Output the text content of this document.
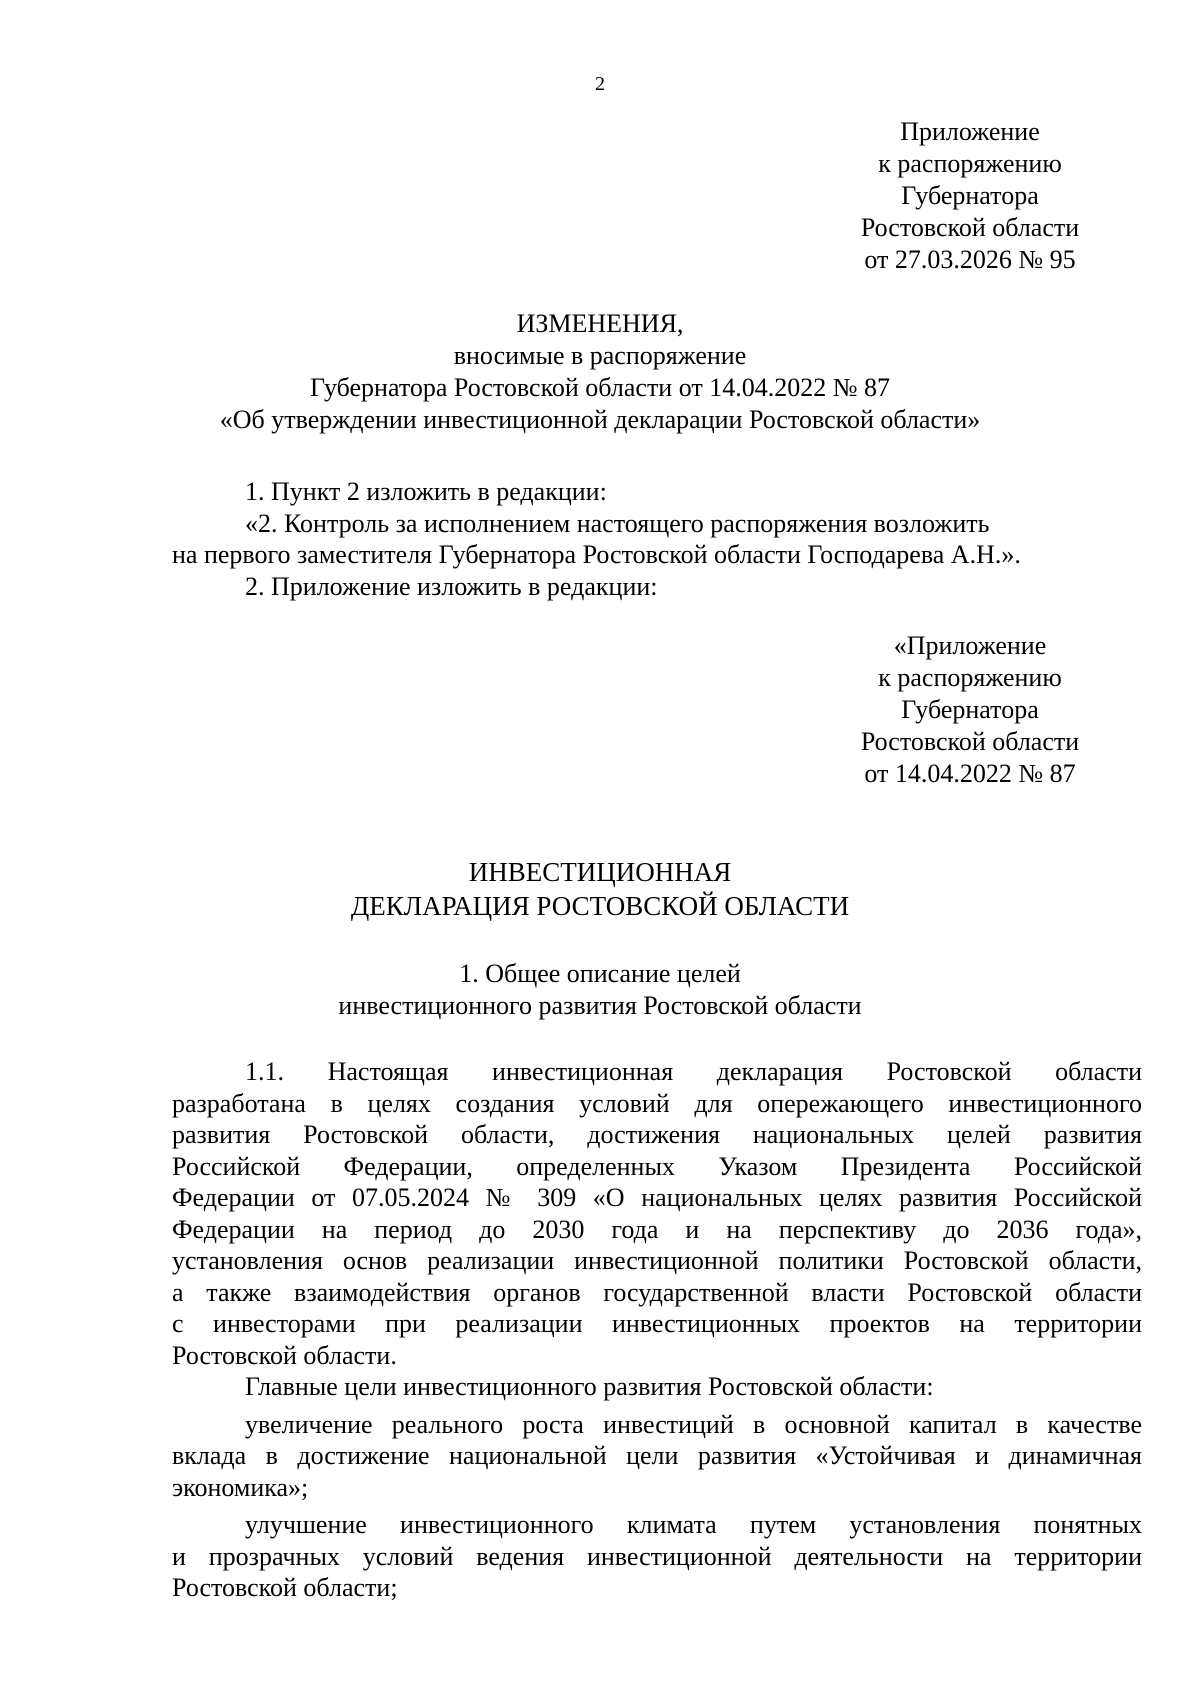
2
Приложение
к распоряжению
Губернатора
Ростовской области
от 27.03.2026 № 95
ИЗМЕНЕНИЯ,
вносимые в распоряжение
Губернатора Ростовской области от 14.04.2022 № 87
«Об утверждении инвестиционной декларации Ростовской области»

1. Пункт 2 изложить в редакции:

«2. Контроль за исполнением настоящего распоряжения возложить

на первого заместителя Губернатора Ростовской области Господарева А.Н.».

2. Приложение изложить в редакции:

«Приложение
к распоряжению
Губернатора
Ростовской области
от 14.04.2022 № 87
ИНВЕСТИЦИОННАЯ
ДЕКЛАРАЦИЯ РОСТОВСКОЙ ОБЛАСТИ
1. Общее описание целей
инвестиционного развития Ростовской области
1.1. Настоящая инвестиционная декларация Ростовской области
разработана в целях создания условий для опережающего инвестиционного
развития Ростовской области, достижения национальных целей развития
Российской Федерации, определенных Указом Президента Российской
Федерации от 07.05.2024 № 309 «О национальных целях развития Российской
Федерации на период до 2030 года и на перспективу до 2036 года»,
установления основ реализации инвестиционной политики Ростовской области,
а также взаимодействия органов государственной власти Ростовской области
с инвесторами при реализации инвестиционных проектов на территории
Ростовской области.
Главные цели инвестиционного развития Ростовской области:
увеличение реального роста инвестиций в основной капитал в качестве
вклада в достижение национальной цели развития «Устойчивая и динамичная
экономика»;
улучшение инвестиционного климата путем установления понятных
и прозрачных условий ведения инвестиционной деятельности на территории
Ростовской области;
